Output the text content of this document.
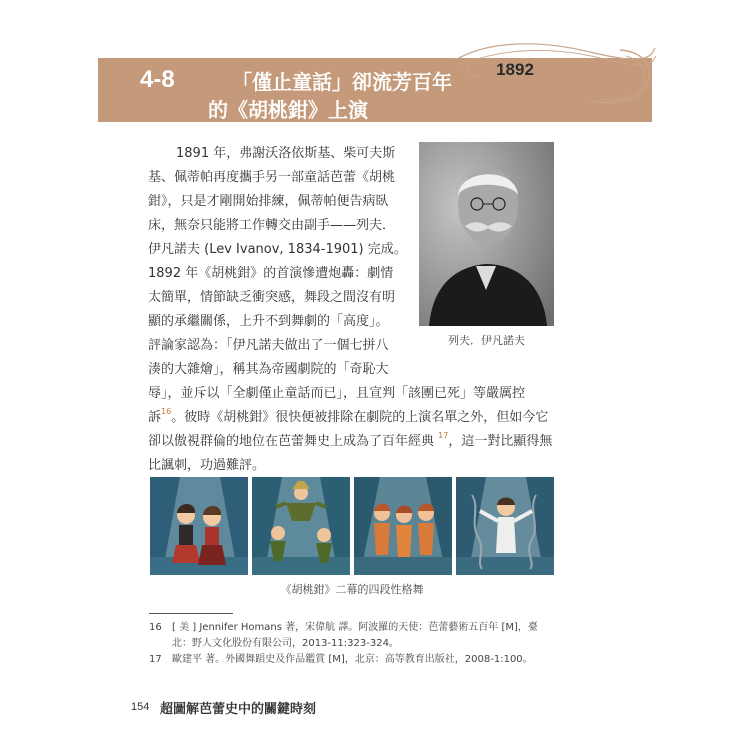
4-8	「僅止童話」卻流芳百年
的《胡桃鉗》上演
1892

1891 年，弗謝沃洛依斯基、柴可夫斯

基、佩蒂帕再度攜手另一部童話芭蕾《胡桃

鉗》，只是才剛開始排練，佩蒂帕便告病臥

床，無奈只能將工作轉交由副手——列夫．

伊凡諾夫 (Lev Ivanov, 1834-1901) 完成。

1892 年《胡桃鉗》的首演慘遭炮轟：劇情

太簡單，情節缺乏衝突感，舞段之間沒有明

顯的承繼關係，上升不到舞劇的「高度」。

評論家認為：「伊凡諾夫做出了一個七拼八

湊的大雜燴」，稱其為帝國劇院的「奇恥大

辱」，並斥以「全劇僅止童話而已」，且宣判「該團已死」等嚴厲控

訴$^{16}$。彼時《胡桃鉗》很快便被排除在劇院的上演名單之外，但如今它

卻以傲視群倫的地位在芭蕾舞史上成為了百年經典 $^{17}$，這一對比顯得無

比諷刺，功過難評。

列夫．伊凡諾夫
《胡桃鉗》二幕的四段性格舞
16 [ 美 ] Jennifer Homans 著，宋偉航 譯。阿波羅的天使：芭蕾藝術五百年 [M]，臺
北：野人文化股份有限公司，2013-11:323-324。
17 歐建平 著。外國舞蹈史及作品鑑賞 [M]，北京：高等教育出版社，2008-1:100。
154 超圖解芭蕾史中的關鍵時刻
